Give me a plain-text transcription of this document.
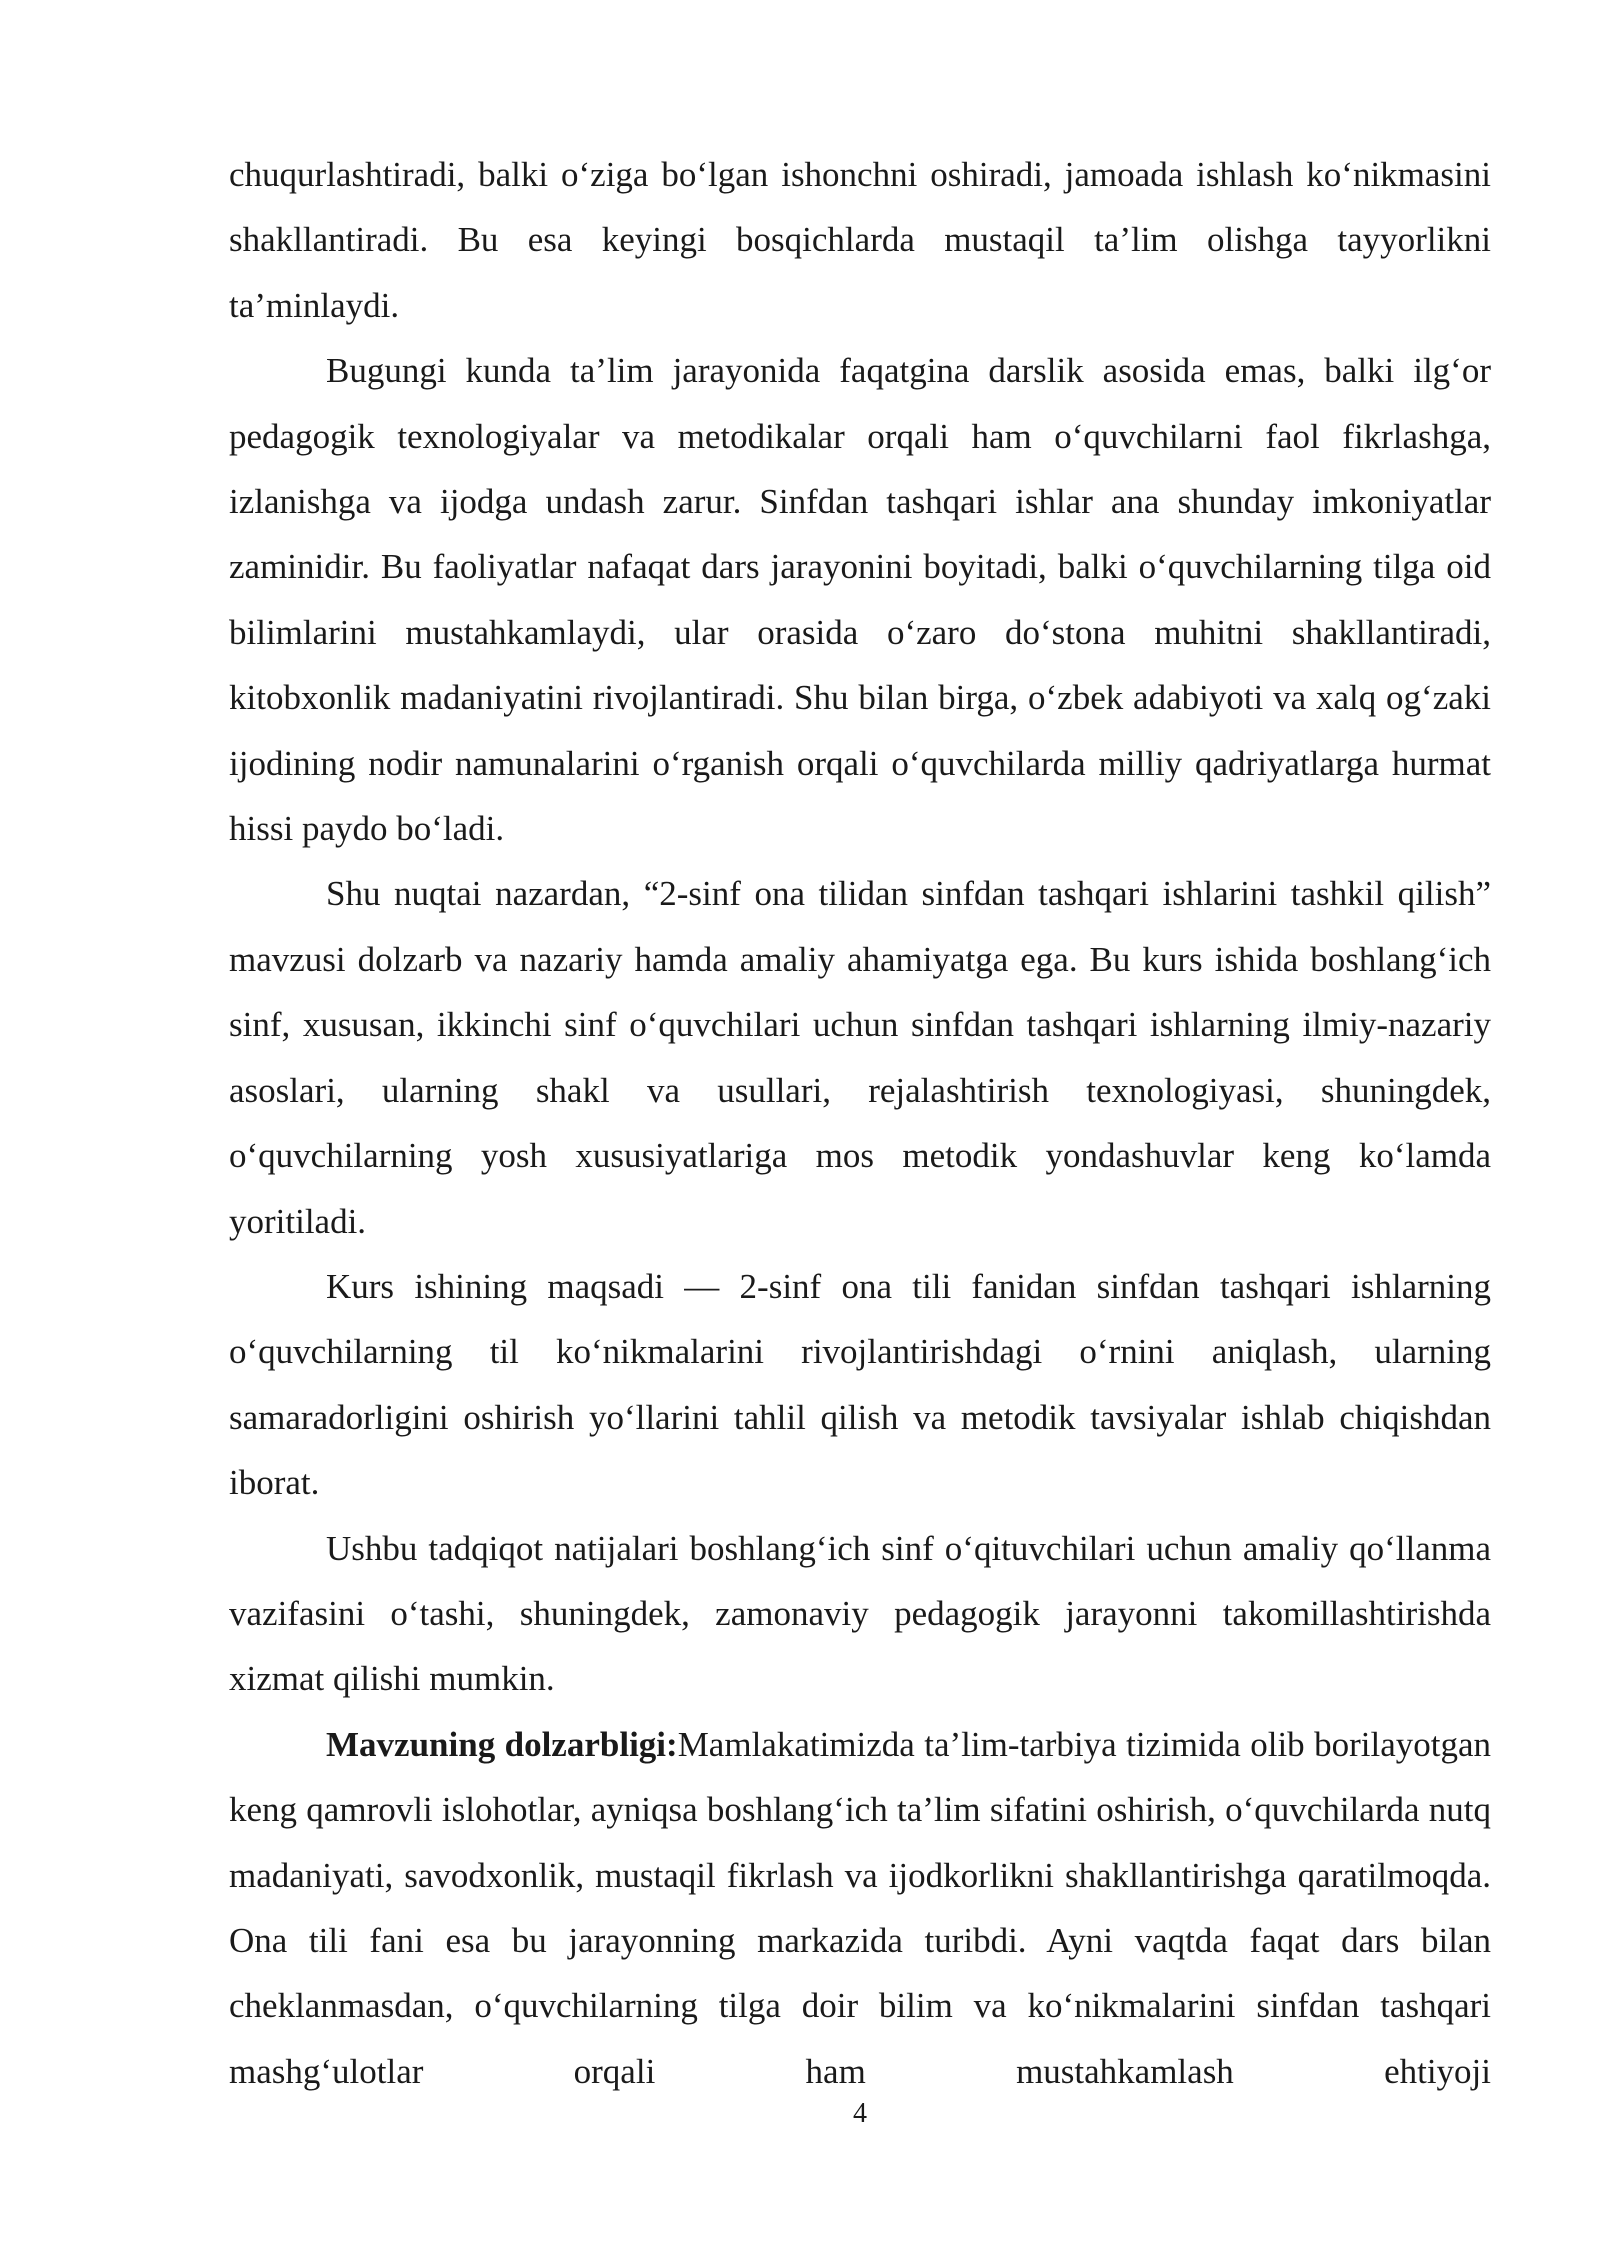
chuqurlashtiradi, balki o‘ziga bo‘lgan ishonchni oshiradi, jamoada ishlash ko‘nikmasini shakllantiradi. Bu esa keyingi bosqichlarda mustaqil ta’lim olishga tayyorlikni ta’minlaydi.

Bugungi kunda ta’lim jarayonida faqatgina darslik asosida emas, balki ilg‘or pedagogik texnologiyalar va metodikalar orqali ham o‘quvchilarni faol fikrlashga, izlanishga va ijodga undash zarur. Sinfdan tashqari ishlar ana shunday imkoniyatlar zaminidir. Bu faoliyatlar nafaqat dars jarayonini boyitadi, balki o‘quvchilarning tilga oid bilimlarini mustahkamlaydi, ular orasida o‘zaro do‘stona muhitni shakllantiradi, kitobxonlik madaniyatini rivojlantiradi. Shu bilan birga, o‘zbek adabiyoti va xalq og‘zaki ijodining nodir namunalarini o‘rganish orqali o‘quvchilarda milliy qadriyatlarga hurmat hissi paydo bo‘ladi.

Shu nuqtai nazardan, “2-sinf ona tilidan sinfdan tashqari ishlarini tashkil qilish” mavzusi dolzarb va nazariy hamda amaliy ahamiyatga ega. Bu kurs ishida boshlang‘ich sinf, xususan, ikkinchi sinf o‘quvchilari uchun sinfdan tashqari ishlarning ilmiy-nazariy asoslari, ularning shakl va usullari, rejalashtirish texnologiyasi, shuningdek, o‘quvchilarning yosh xususiyatlariga mos metodik yondashuvlar keng ko‘lamda yoritiladi.

Kurs ishining maqsadi — 2-sinf ona tili fanidan sinfdan tashqari ishlarning o‘quvchilarning til ko‘nikmalarini rivojlantirishdagi o‘rnini aniqlash, ularning samaradorligini oshirish yo‘llarini tahlil qilish va metodik tavsiyalar ishlab chiqishdan iborat.

Ushbu tadqiqot natijalari boshlang‘ich sinf o‘qituvchilari uchun amaliy qo‘llanma vazifasini o‘tashi, shuningdek, zamonaviy pedagogik jarayonni takomillashtirishda xizmat qilishi mumkin.

Mavzuning dolzarbligi:Mamlakatimizda ta’lim-tarbiya tizimida olib borilayotgan keng qamrovli islohotlar, ayniqsa boshlang‘ich ta’lim sifatini oshirish, o‘quvchilarda nutq madaniyati, savodxonlik, mustaqil fikrlash va ijodkorlikni shakllantirishga qaratilmoqda. Ona tili fani esa bu jarayonning markazida turibdi. Ayni vaqtda faqat dars bilan cheklanmasdan, o‘quvchilarning tilga doir bilim va ko‘nikmalarini sinfdan tashqari mashg‘ulotlar orqali ham mustahkamlash ehtiyoji

4
